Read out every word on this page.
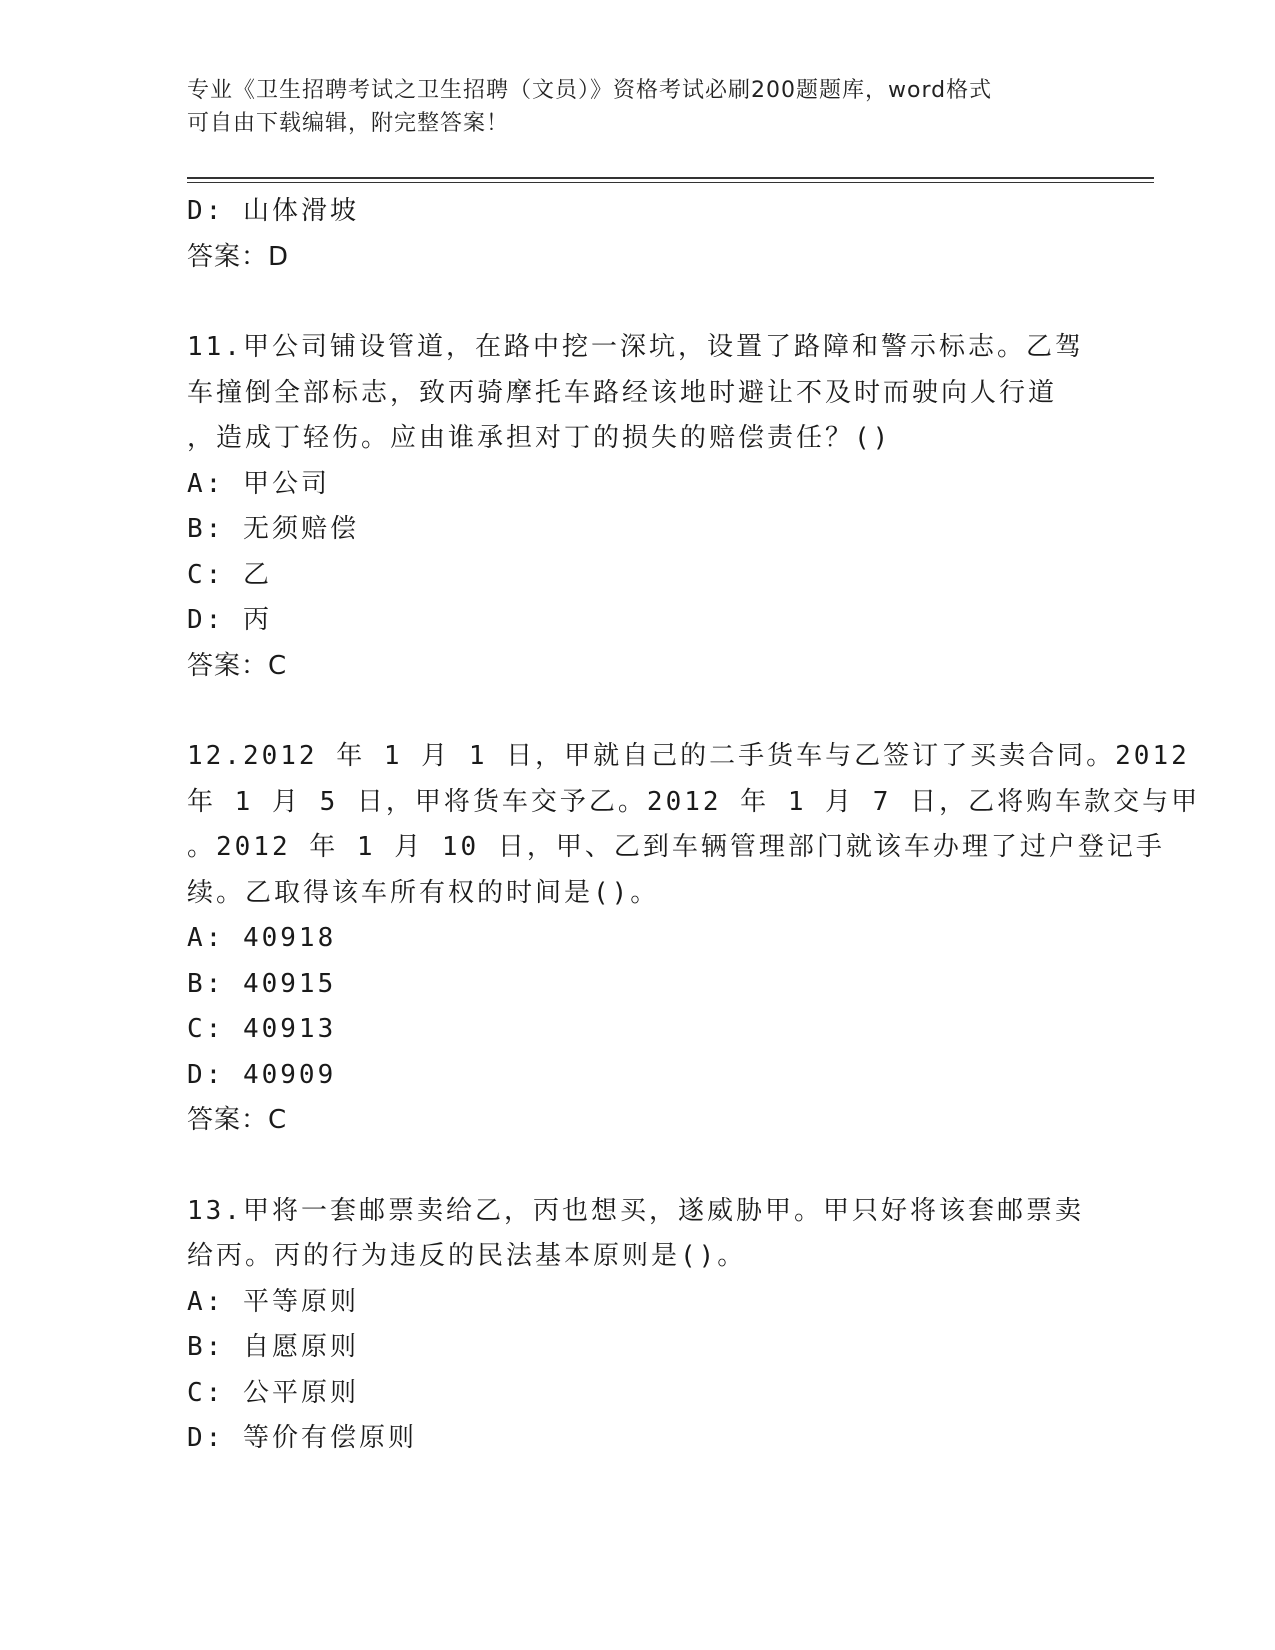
专业《卫生招聘考试之卫生招聘（文员）》资格考试必刷200题题库，word格式
可自由下载编辑，附完整答案！

D: 山体滑坡

答案：D

11.甲公司铺设管道，在路中挖一深坑，设置了路障和警示标志。乙驾

车撞倒全部标志，致丙骑摩托车路经该地时避让不及时而驶向人行道

，造成丁轻伤。应由谁承担对丁的损失的赔偿责任？()

A: 甲公司

B: 无须赔偿

C: 乙

D: 丙

答案：C

12.2012 年 1 月 1 日，甲就自己的二手货车与乙签订了买卖合同。2012

年 1 月 5 日，甲将货车交予乙。2012 年 1 月 7 日，乙将购车款交与甲

。2012 年 1 月 10 日，甲、乙到车辆管理部门就该车办理了过户登记手

续。乙取得该车所有权的时间是()。

A: 40918

B: 40915

C: 40913

D: 40909

答案：C

13.甲将一套邮票卖给乙，丙也想买，遂威胁甲。甲只好将该套邮票卖

给丙。丙的行为违反的民法基本原则是()。

A: 平等原则

B: 自愿原则

C: 公平原则

D: 等价有偿原则
